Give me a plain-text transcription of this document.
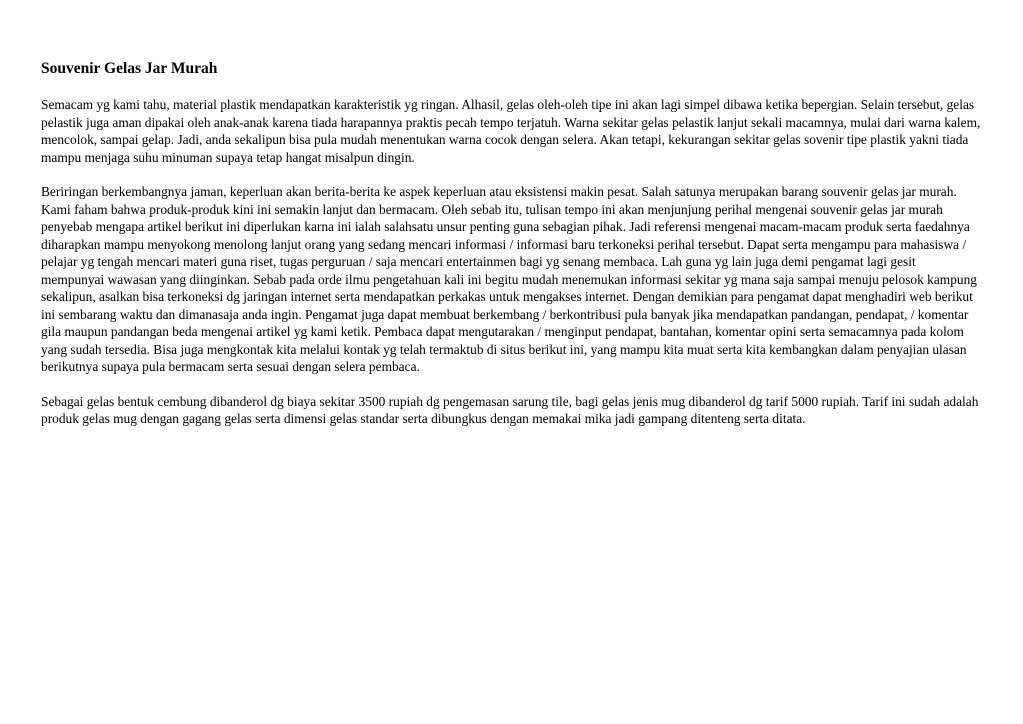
Souvenir Gelas Jar Murah

Semacam yg kami tahu, material plastik mendapatkan karakteristik yg ringan. Alhasil, gelas oleh-oleh tipe ini akan lagi simpel dibawa ketika bepergian. Selain tersebut, gelas pelastik juga aman dipakai oleh anak-anak karena tiada harapannya praktis pecah tempo terjatuh. Warna sekitar gelas pelastik lanjut sekali macamnya, mulai dari warna kalem, mencolok, sampai gelap. Jadi, anda sekalipun bisa pula mudah menentukan warna cocok dengan selera. Akan tetapi, kekurangan sekitar gelas sovenir tipe plastik yakni tiada mampu menjaga suhu minuman supaya tetap hangat misalpun dingin.

Beriringan berkembangnya jaman, keperluan akan berita-berita ke aspek keperluan atau eksistensi makin pesat. Salah satunya merupakan barang souvenir gelas jar murah. Kami faham bahwa produk-produk kini ini semakin lanjut dan bermacam. Oleh sebab itu, tulisan tempo ini akan menjunjung perihal mengenai souvenir gelas jar murah penyebab mengapa artikel berikut ini diperlukan karna ini ialah salahsatu unsur penting guna sebagian pihak. Jadi referensi mengenai macam-macam produk serta faedahnya diharapkan mampu menyokong menolong lanjut orang yang sedang mencari informasi / informasi baru terkoneksi perihal tersebut. Dapat serta mengampu para mahasiswa / pelajar yg tengah mencari materi guna riset, tugas perguruan / saja mencari entertainmen bagi yg senang membaca. Lah guna yg lain juga demi pengamat lagi gesit mempunyai wawasan yang diinginkan. Sebab pada orde ilmu pengetahuan kali ini begitu mudah menemukan informasi sekitar yg mana saja sampai menuju pelosok kampung sekalipun, asalkan bisa terkoneksi dg jaringan internet serta mendapatkan perkakas untuk mengakses internet. Dengan demikian para pengamat dapat menghadiri web berikut ini sembarang waktu dan dimanasaja anda ingin. Pengamat juga dapat membuat berkembang / berkontribusi pula banyak jika mendapatkan pandangan, pendapat, / komentar gila maupun pandangan beda mengenai artikel yg kami ketik. Pembaca dapat mengutarakan / menginput pendapat, bantahan, komentar opini serta semacamnya pada kolom yang sudah tersedia. Bisa juga mengkontak kita melalui kontak yg telah termaktub di situs berikut ini, yang mampu kita muat serta kita kembangkan dalam penyajian ulasan berikutnya supaya pula bermacam serta sesuai dengan selera pembaca.

Sebagai gelas bentuk cembung dibanderol dg biaya sekitar 3500 rupiah dg pengemasan sarung tile, bagi gelas jenis mug dibanderol dg tarif 5000 rupiah. Tarif ini sudah adalah produk gelas mug dengan gagang gelas serta dimensi gelas standar serta dibungkus dengan memakai mika jadi gampang ditenteng serta ditata.
